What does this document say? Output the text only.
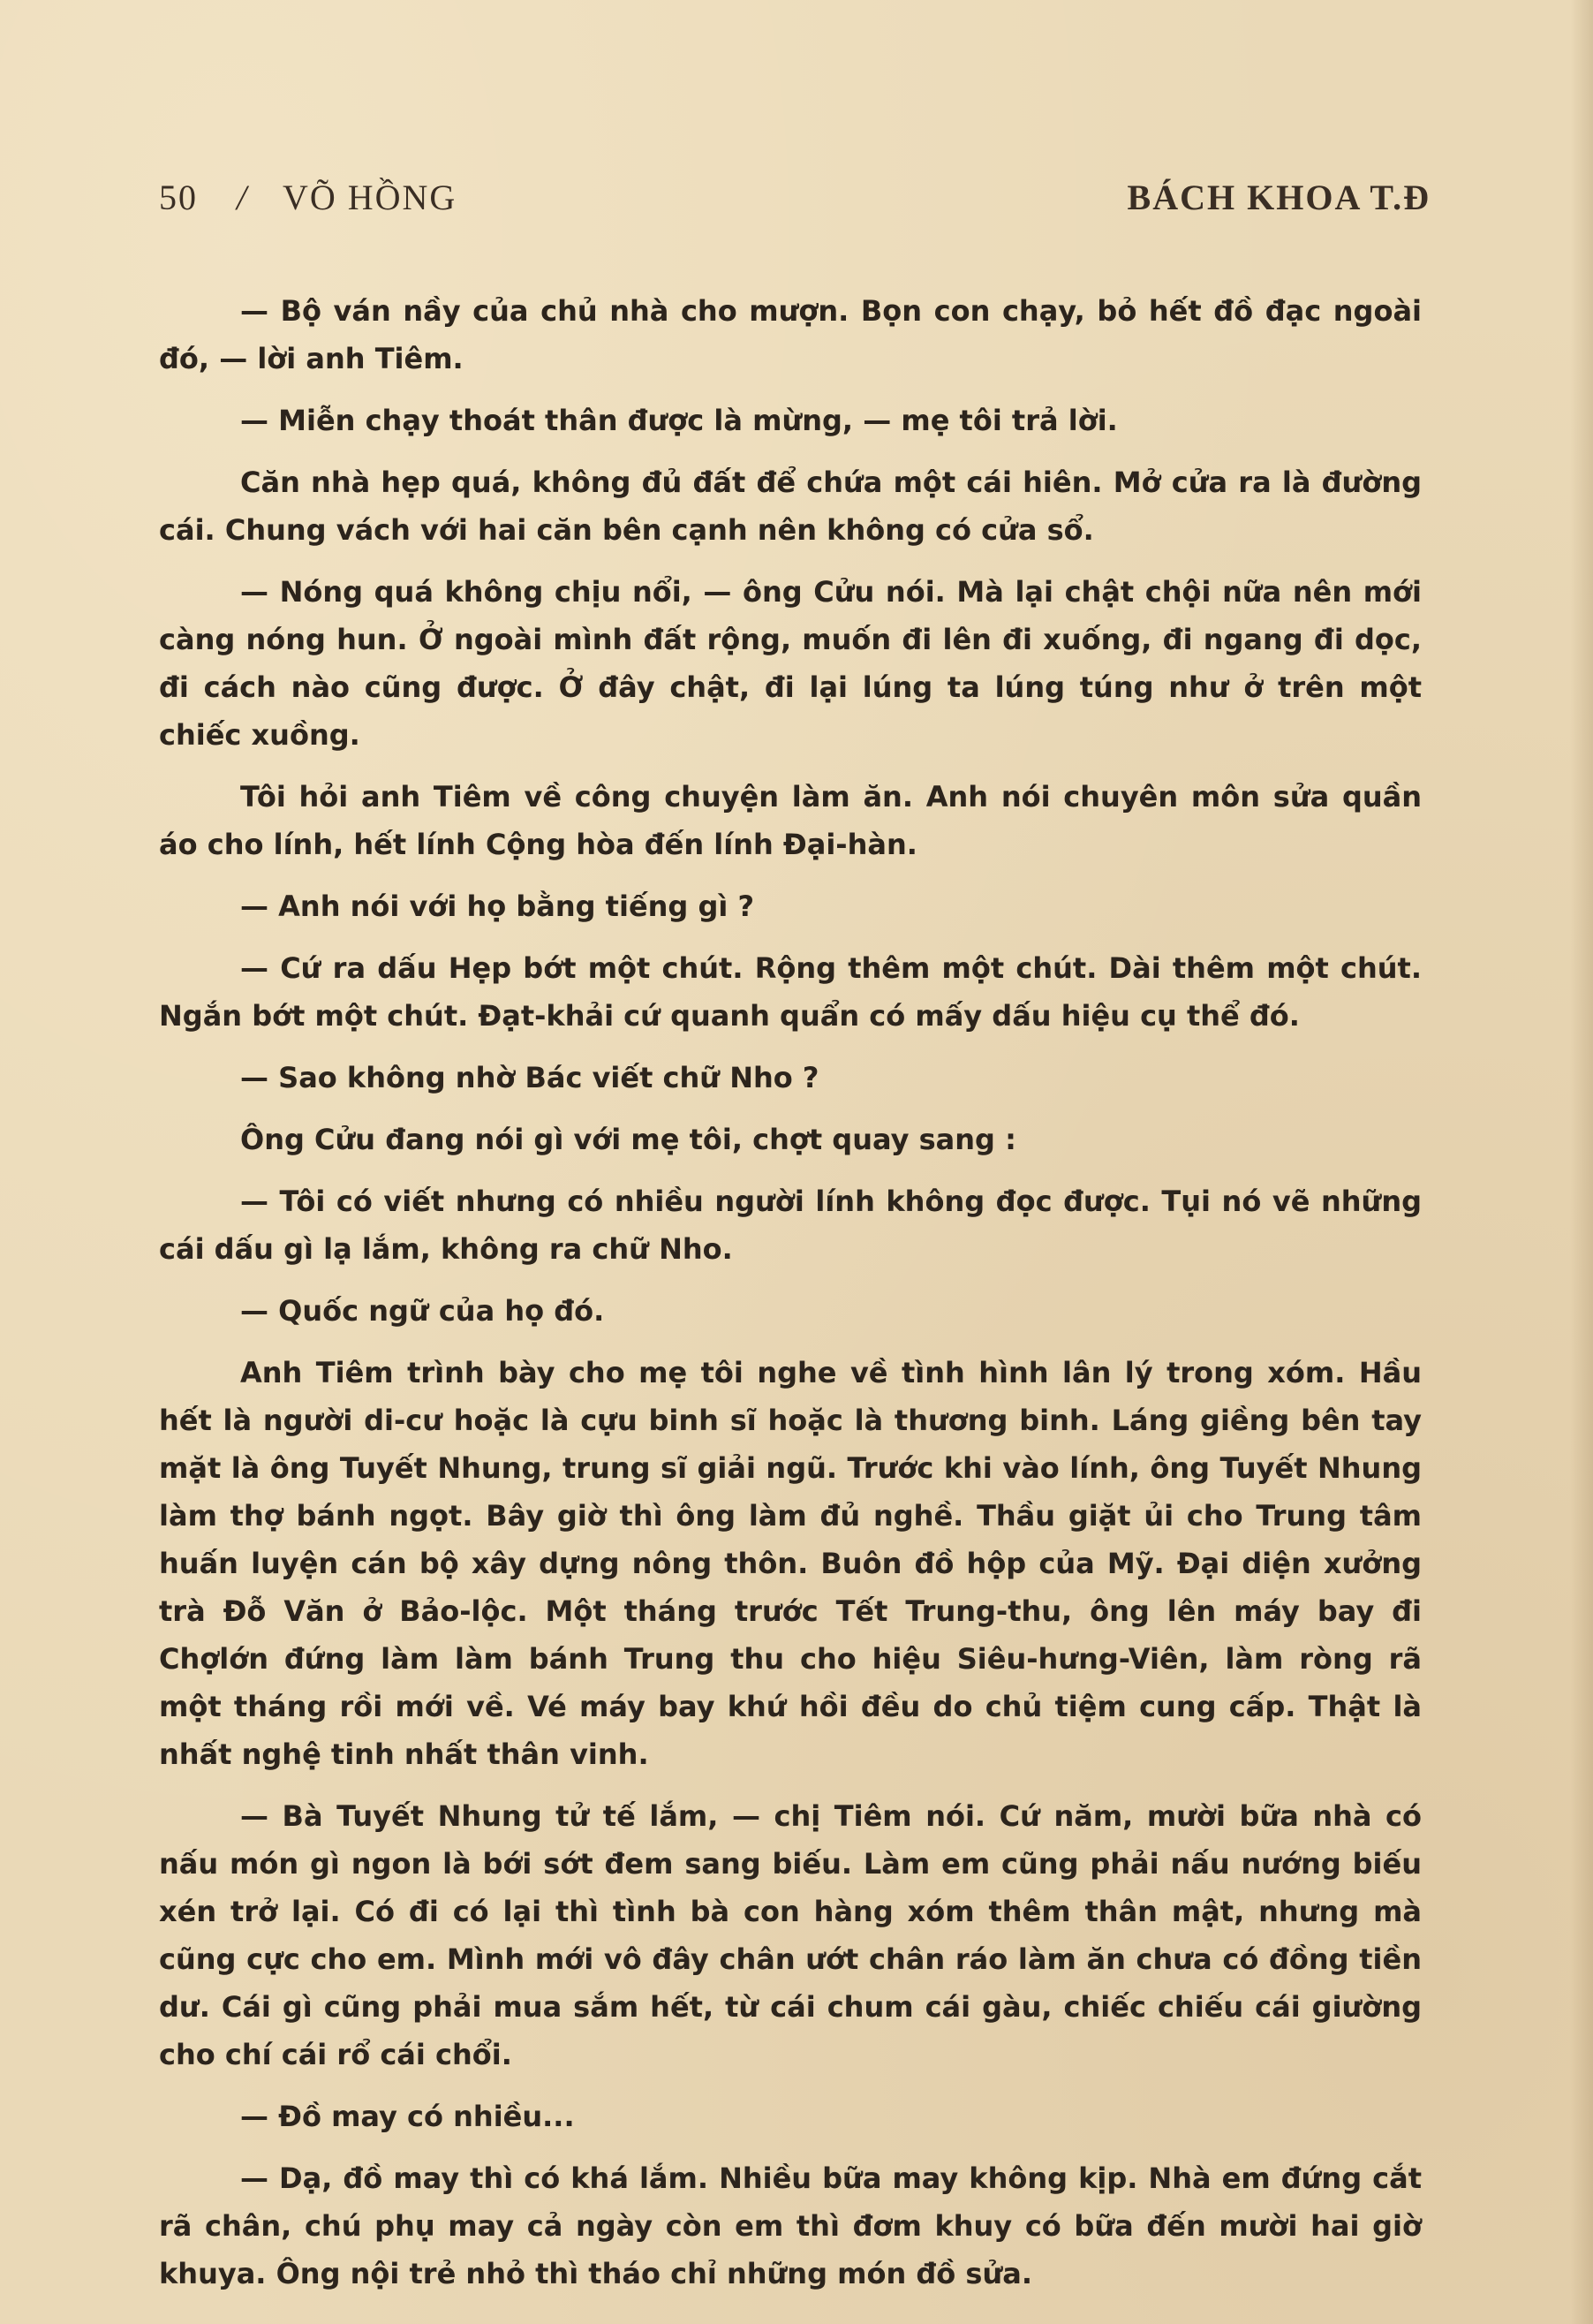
50 / VÕ HỒNG	BÁCH KHOA T.Đ

— Bộ ván nầy của chủ nhà cho mượn. Bọn con chạy, bỏ hết đồ đạc ngoài đó, — lời anh Tiêm.

— Miễn chạy thoát thân được là mừng, — mẹ tôi trả lời.

Căn nhà hẹp quá, không đủ đất để chứa một cái hiên. Mở cửa ra là đường cái. Chung vách với hai căn bên cạnh nên không có cửa sổ.

— Nóng quá không chịu nổi, — ông Cửu nói. Mà lại chật chội nữa nên mới càng nóng hun. Ở ngoài mình đất rộng, muốn đi lên đi xuống, đi ngang đi dọc, đi cách nào cũng được. Ở đây chật, đi lại lúng ta lúng túng như ở trên một chiếc xuồng.

Tôi hỏi anh Tiêm về công chuyện làm ăn. Anh nói chuyên môn sửa quần áo cho lính, hết lính Cộng hòa đến lính Đại-hàn.

— Anh nói với họ bằng tiếng gì ?

— Cứ ra dấu Hẹp bớt một chút. Rộng thêm một chút. Dài thêm một chút. Ngắn bớt một chút. Đạt-khải cứ quanh quẩn có mấy dấu hiệu cụ thể đó.

— Sao không nhờ Bác viết chữ Nho ?

Ông Cửu đang nói gì với mẹ tôi, chợt quay sang :

— Tôi có viết nhưng có nhiều người lính không đọc được. Tụi nó vẽ những cái dấu gì lạ lắm, không ra chữ Nho.

— Quốc ngữ của họ đó.

Anh Tiêm trình bày cho mẹ tôi nghe về tình hình lân lý trong xóm. Hầu hết là người di-cư hoặc là cựu binh sĩ hoặc là thương binh. Láng giềng bên tay mặt là ông Tuyết Nhung, trung sĩ giải ngũ. Trước khi vào lính, ông Tuyết Nhung làm thợ bánh ngọt. Bây giờ thì ông làm đủ nghề. Thầu giặt ủi cho Trung tâm huấn luyện cán bộ xây dựng nông thôn. Buôn đồ hộp của Mỹ. Đại diện xưởng trà Đỗ Văn ở Bảo-lộc. Một tháng trước Tết Trung-thu, ông lên máy bay đi Chợlớn đứng làm làm bánh Trung thu cho hiệu Siêu-hưng-Viên, làm ròng rã một tháng rồi mới về. Vé máy bay khứ hồi đều do chủ tiệm cung cấp. Thật là nhất nghệ tinh nhất thân vinh.

— Bà Tuyết Nhung tử tế lắm, — chị Tiêm nói. Cứ năm, mười bữa nhà có nấu món gì ngon là bới sớt đem sang biếu. Làm em cũng phải nấu nướng biếu xén trở lại. Có đi có lại thì tình bà con hàng xóm thêm thân mật, nhưng mà cũng cực cho em. Mình mới vô đây chân ướt chân ráo làm ăn chưa có đồng tiền dư. Cái gì cũng phải mua sắm hết, từ cái chum cái gàu, chiếc chiếu cái giường cho chí cái rổ cái chổi.

— Đồ may có nhiều...

— Dạ, đồ may thì có khá lắm. Nhiều bữa may không kịp. Nhà em đứng cắt rã chân, chú phụ may cả ngày còn em thì đơm khuy có bữa đến mười hai giờ khuya. Ông nội trẻ nhỏ thì tháo chỉ những món đồ sửa.
